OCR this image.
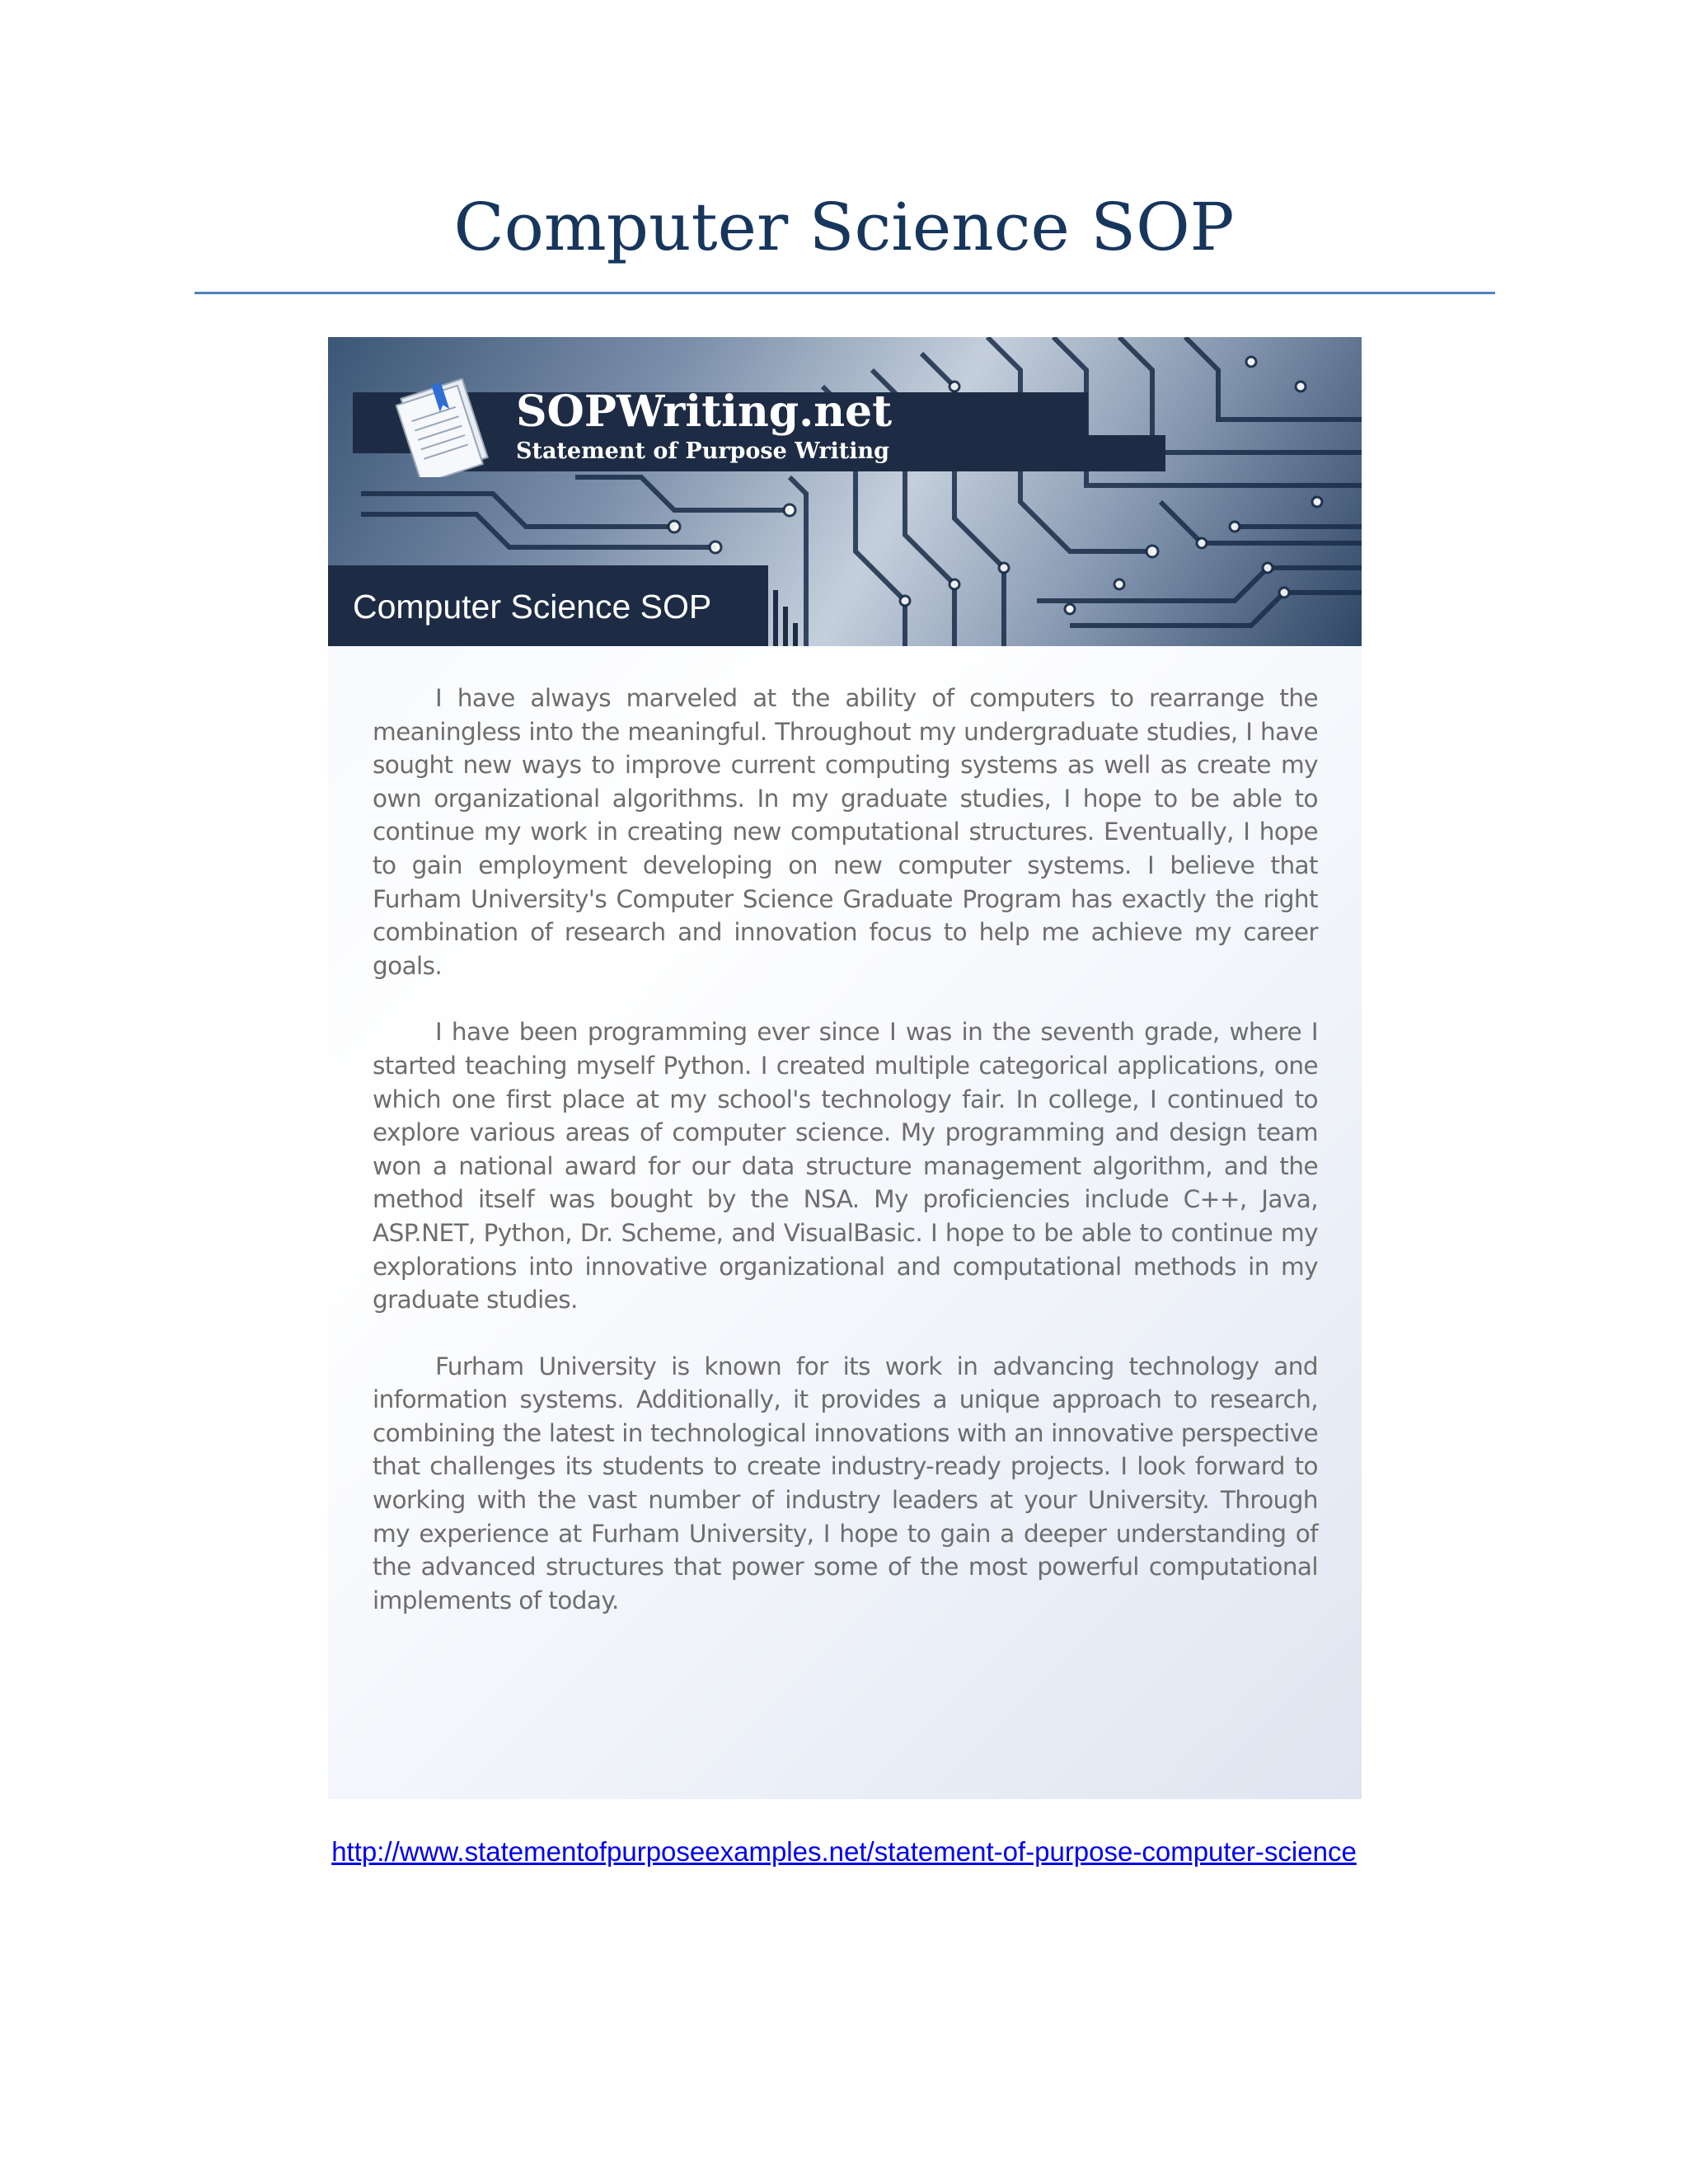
Computer Science SOP
SOPWriting.net
Statement of Purpose Writing
Computer Science SOP

I have always marveled at the ability of computers to rearrange the meaningless into the meaningful. Throughout my undergraduate studies, I have sought new ways to improve current computing systems as well as create my own organizational algorithms. In my graduate studies, I hope to be able to continue my work in creating new computational structures. Eventually, I hope to gain employment developing on new computer systems. I believe that Furham University's Computer Science Graduate Program has exactly the right combination of research and innovation focus to help me achieve my career goals.

I have been programming ever since I was in the seventh grade, where I started teaching myself Python. I created multiple categorical applications, one which one first place at my school's technology fair. In college, I continued to explore various areas of computer science. My programming and design team won a national award for our data structure management algorithm, and the method itself was bought by the NSA. My proficiencies include C++, Java, ASP.NET, Python, Dr. Scheme, and VisualBasic. I hope to be able to continue my explorations into innovative organizational and computational methods in my graduate studies.

Furham University is known for its work in advancing technology and information systems. Additionally, it provides a unique approach to research, combining the latest in technological innovations with an innovative perspective that challenges its students to create industry-ready projects. I look forward to working with the vast number of industry leaders at your University. Through my experience at Furham University, I hope to gain a deeper understanding of the advanced structures that power some of the most powerful computational implements of today.

http://www.statementofpurposeexamples.net/statement-of-purpose-computer-science
